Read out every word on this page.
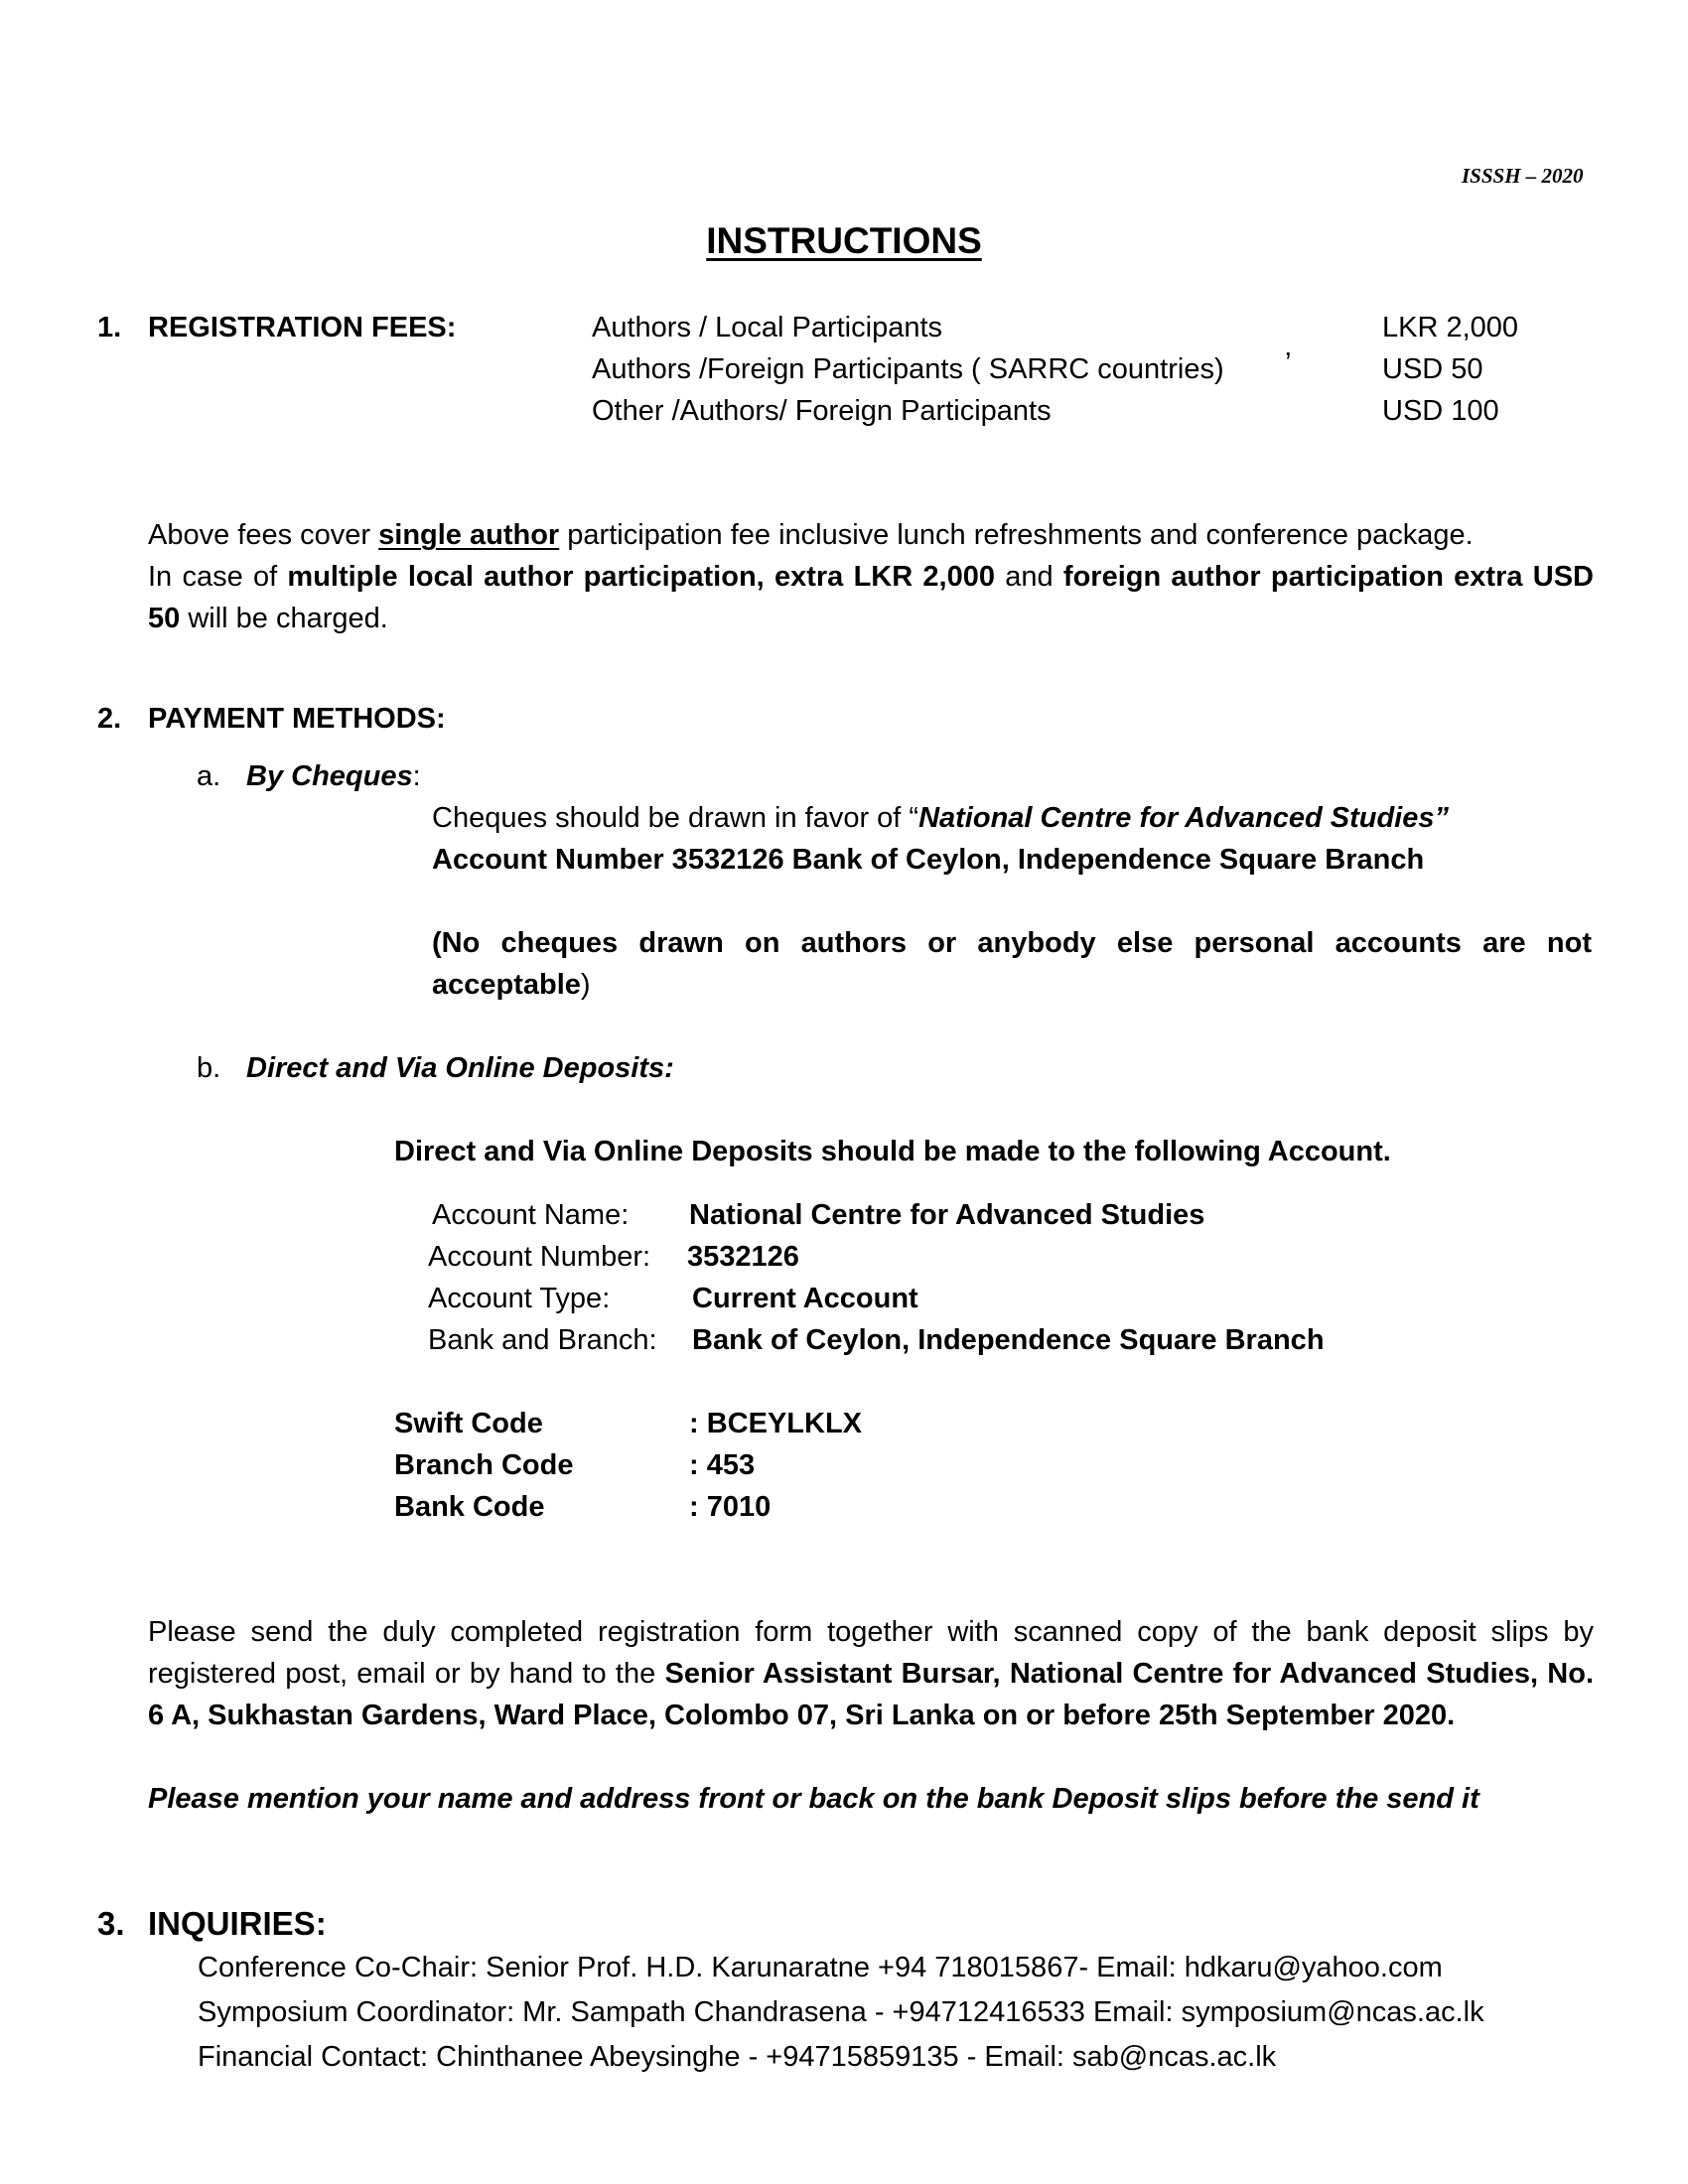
ISSSH – 2020
INSTRUCTIONS
1. REGISTRATION FEES:	Authors / Local Participants	LKR 2,000
Authors /Foreign Participants ( SARRC countries) ’	USD 50
Other /Authors/ Foreign Participants	USD 100
Above fees cover single author participation fee inclusive lunch refreshments and conference package.
In case of multiple local author participation, extra LKR 2,000 and foreign author participation extra USD 50 will be charged.
2. PAYMENT METHODS:
a. By Cheques:
Cheques should be drawn in favor of “National Centre for Advanced Studies”
Account Number 3532126 Bank of Ceylon, Independence Square Branch
(No cheques drawn on authors or anybody else personal accounts are not acceptable)
b. Direct and Via Online Deposits:
Direct and Via Online Deposits should be made to the following Account.
Account Name: National Centre for Advanced Studies
Account Number: 3532126
Account Type:	Current Account
Bank and Branch: Bank of Ceylon, Independence Square Branch
Swift Code	: BCEYLKLX
Branch Code	: 453
Bank Code	: 7010
Please send the duly completed registration form together with scanned copy of the bank deposit slips by registered post, email or by hand to the Senior Assistant Bursar, National Centre for Advanced Studies, No. 6 A, Sukhastan Gardens, Ward Place, Colombo 07, Sri Lanka on or before 25th September 2020.
Please mention your name and address front or back on the bank Deposit slips before the send it
3. INQUIRIES:
Conference Co-Chair: Senior Prof. H.D. Karunaratne +94 718015867- Email: hdkaru@yahoo.com
Symposium Coordinator: Mr. Sampath Chandrasena - +94712416533 Email: symposium@ncas.ac.lk
Financial Contact: Chinthanee Abeysinghe - +94715859135 - Email: sab@ncas.ac.lk
